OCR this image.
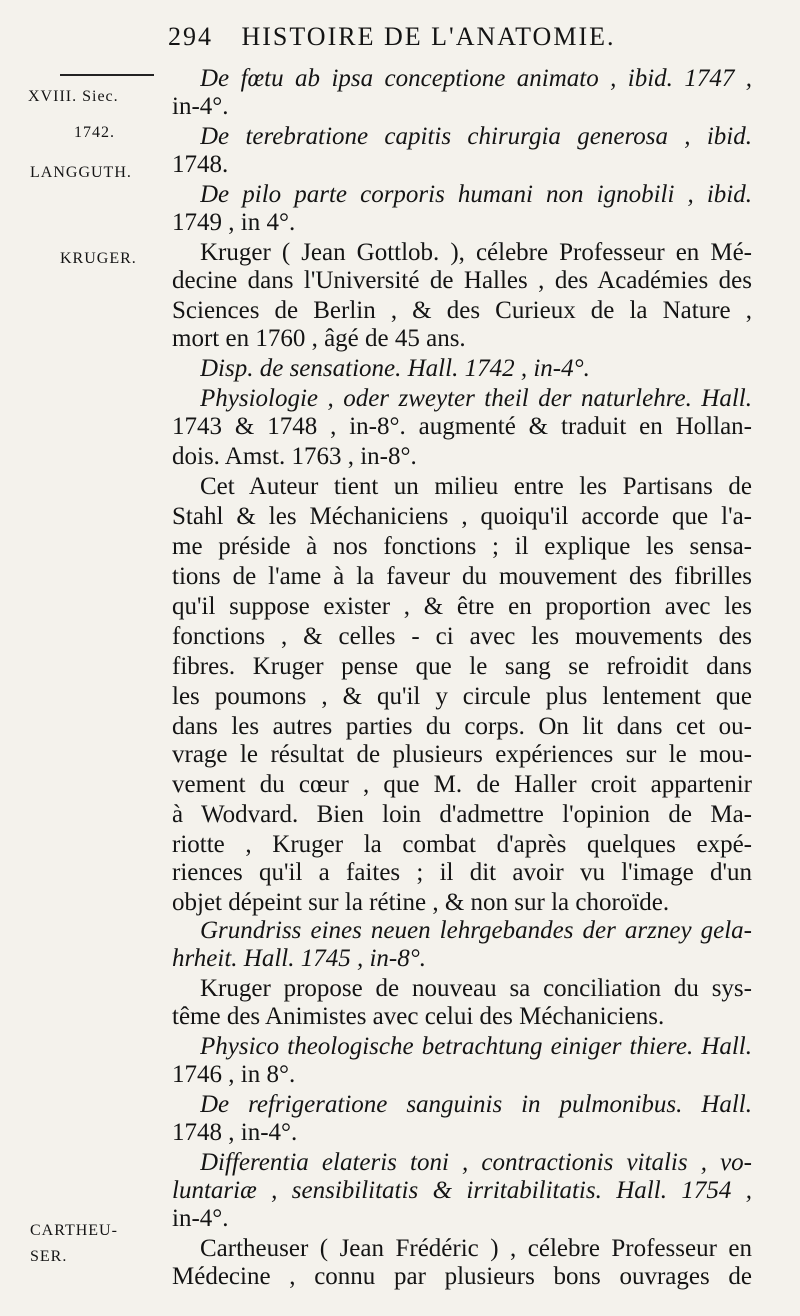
294 HISTOIRE DE L'ANATOMIE.
XVIII. Siec.
1742.
LANGGUTH.
KRUGER.
CARTHEU-
SER.
De fœtu ab ipsa conceptione animato , ibid. 1747 ,
in-4°.
De terebratione capitis chirurgia generosa , ibid.
1748.
De pilo parte corporis humani non ignobili , ibid.
1749 , in 4°.
Kruger ( Jean Gottlob. ), célebre Professeur en Mé-
decine dans l'Université de Halles , des Académies des
Sciences de Berlin , & des Curieux de la Nature ,
mort en 1760 , âgé de 45 ans.
Disp. de sensatione. Hall. 1742 , in-4°.
Physiologie , oder zweyter theil der naturlehre. Hall.
1743 & 1748 , in-8°. augmenté & traduit en Hollan-
dois. Amst. 1763 , in-8°.
Cet Auteur tient un milieu entre les Partisans de
Stahl & les Méchaniciens , quoiqu'il accorde que l'a-
me préside à nos fonctions ; il explique les sensa-
tions de l'ame à la faveur du mouvement des fibrilles
qu'il suppose exister , & être en proportion avec les
fonctions , & celles - ci avec les mouvements des
fibres. Kruger pense que le sang se refroidit dans
les poumons , & qu'il y circule plus lentement que
dans les autres parties du corps. On lit dans cet ou-
vrage le résultat de plusieurs expériences sur le mou-
vement du cœur , que M. de Haller croit appartenir
à Wodvard. Bien loin d'admettre l'opinion de Ma-
riotte , Kruger la combat d'après quelques expé-
riences qu'il a faites ; il dit avoir vu l'image d'un
objet dépeint sur la rétine , & non sur la choroïde.
Grundriss eines neuen lehrgebandes der arzney gela-
hrheit. Hall. 1745 , in-8°.
Kruger propose de nouveau sa conciliation du sys-
tême des Animistes avec celui des Méchaniciens.
Physico theologische betrachtung einiger thiere. Hall.
1746 , in 8°.
De refrigeratione sanguinis in pulmonibus. Hall.
1748 , in-4°.
Differentia elateris toni , contractionis vitalis , vo-
luntariæ , sensibilitatis & irritabilitatis. Hall. 1754 ,
in-4°.
Cartheuser ( Jean Frédéric ) , célebre Professeur en
Médecine , connu par plusieurs bons ouvrages de
